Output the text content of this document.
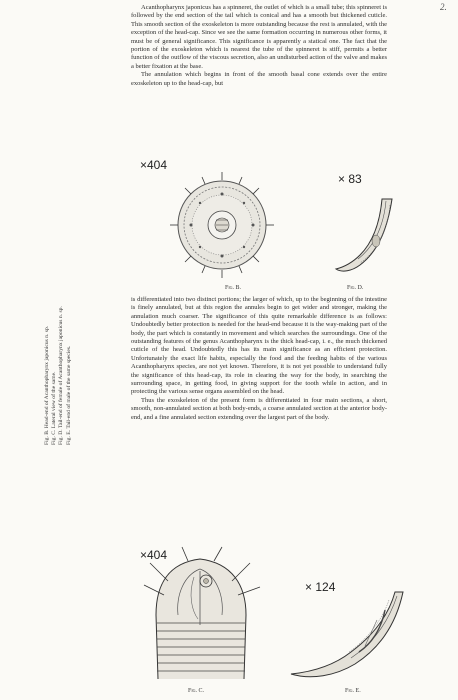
2.

Acanthopharynx japonicus has a spinneret, the outlet of which is a small tube; this spinneret is followed by the end section of the tail which is conical and has a smooth but thickened cuticle. This smooth section of the exoskeleton is more outstanding because the rest is annulated, with the exception of the head-cap. Since we see the same formation occurring in numerous other forms, it must be of general significance. This significance is apparently a statical one. The fact that the portion of the exoskeleton which is nearest the tube of the spinneret is stiff, permits a better function of the outflow of the viscous secretion, also an undisturbed action of the valve and makes a better fixation at the base.

The annulation which begins in front of the smooth basal cone extends over the entire exoskeleton up to the head-cap, but

×404
Fig. B.
× 83
Fig. D.
Fig. B. Head-end of Acanthopharynx japonicus n. sp. Fig. C. Lateral view of the same. Fig. D. Tail-end of female of Acanthopharynx japonicus n. sp. Fig. E. Tail-end of male of the same species.

is differentiated into two distinct portions; the larger of which, up to the beginning of the intestine is finely annulated, but at this region the annules begin to get wider and stronger, making the annulation much coarser. The significance of this quite remarkable difference is as follows: Undoubtedly better protection is needed for the head-end because it is the way-making part of the body, the part which is constantly in movement and which searches the surroundings. One of the outstanding features of the genus Acanthopharynx is the thick head-cap, i. e., the much thickened cuticle of the head. Undoubtedly this has its main significance as an efficient protection. Unfortunately the exact life habits, especially the food and the feeding habits of the various Acanthopharynx species, are not yet known. Therefore, it is not yet possible to understand fully the significance of this head-cap, its role in clearing the way for the body, in searching the surrounding space, in getting food, in giving support for the tooth while in action, and in protecting the various sense organs assembled on the head.

Thus the exoskeleton of the present form is differentiated in four main sections, a short, smooth, non-annulated section at both body-ends, a coarse annulated section at the anterior body-end, and a fine annulated section extending over the largest part of the body.

×404
Fig. C.
× 124
Fig. E.
